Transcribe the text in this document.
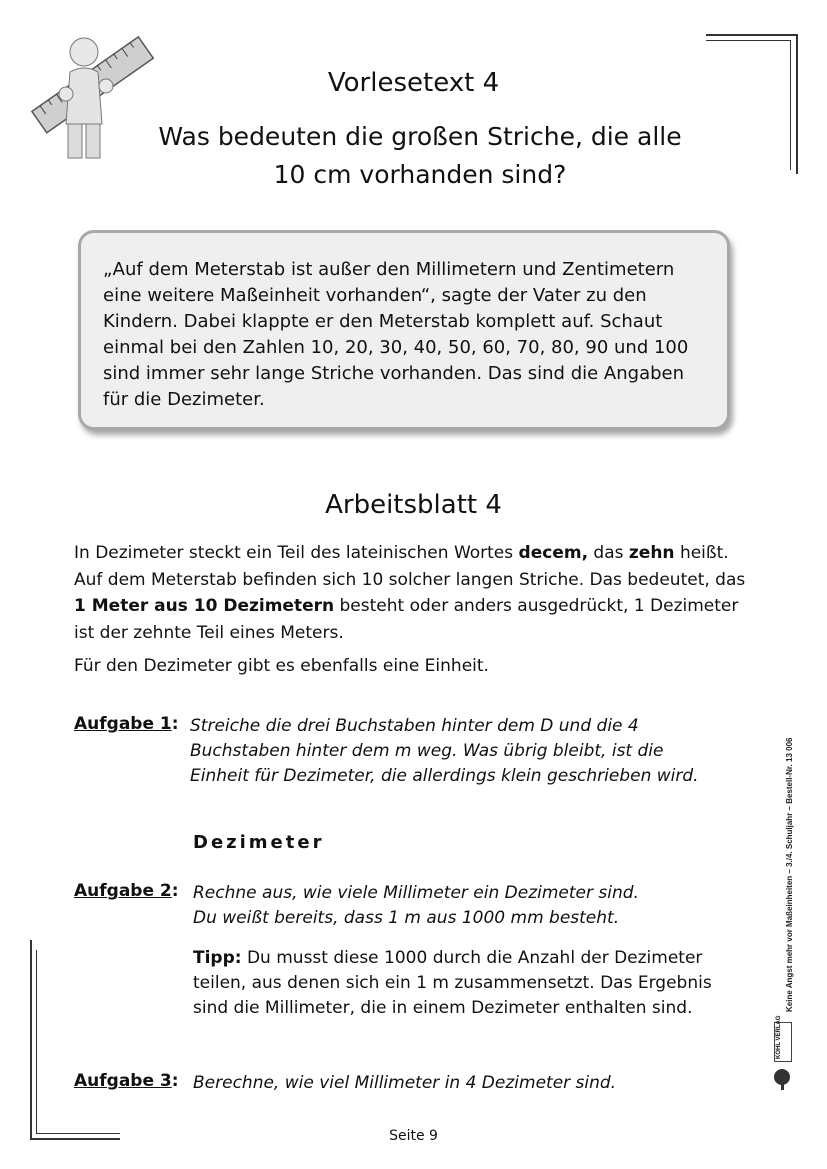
Vorlesetext 4
Was bedeuten die großen Striche, die alle
10 cm vorhanden sind?

„Auf dem Meterstab ist außer den Millimetern und Zentimetern eine weitere Maßeinheit vorhanden“, sagte der Vater zu den Kindern. Dabei klappte er den Meterstab komplett auf. Schaut einmal bei den Zahlen 10, 20, 30, 40, 50, 60, 70, 80, 90 und 100 sind immer sehr lange Striche vorhanden. Das sind die Angaben für die Dezimeter.

Arbeitsblatt 4
In Dezimeter steckt ein Teil des lateinischen Wortes decem, das zehn heißt. Auf dem Meterstab befinden sich 10 solcher langen Striche. Das bedeutet, das 1 Meter aus 10 Dezimetern besteht oder anders ausgedrückt, 1 Dezimeter ist der zehnte Teil eines Meters.
Für den Dezimeter gibt es ebenfalls eine Einheit.
Aufgabe 1: Streiche die drei Buchstaben hinter dem D und die 4 Buchstaben hinter dem m weg. Was übrig bleibt, ist die Einheit für Dezimeter, die allerdings klein geschrieben wird.
Dezimeter
Aufgabe 2: Rechne aus, wie viele Millimeter ein Dezimeter sind.
Du weißt bereits, dass 1 m aus 1000 mm besteht.
Tipp: Du musst diese 1000 durch die Anzahl der Dezimeter teilen, aus denen sich ein 1 m zusammensetzt. Das Ergebnis sind die Millimeter, die in einem Dezimeter enthalten sind.
Aufgabe 3: Berechne, wie viel Millimeter in 4 Dezimeter sind.
Seite 9
Keine Angst mehr vor Maßeinheiten – 3./4. Schuljahr – Bestell-Nr. 13 006
KOHL VERLAG
